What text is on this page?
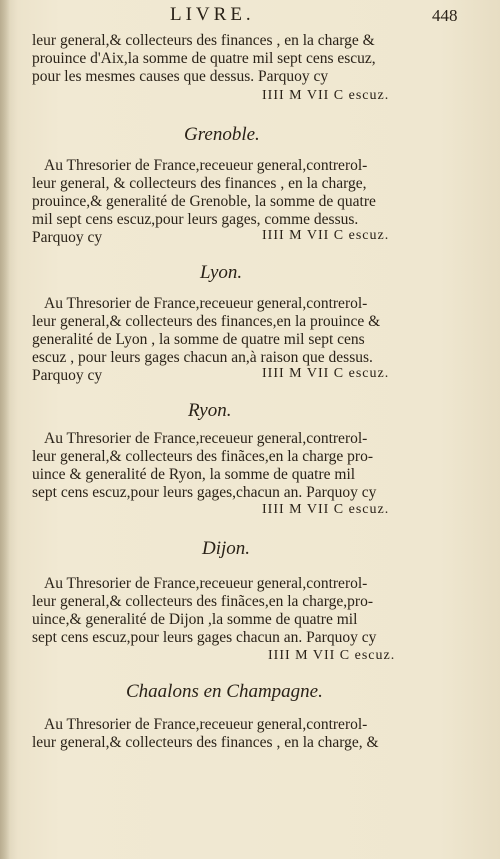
LIVRE.	448
leur general,& collecteurs des finances , en la charge &
prouince d'Aix,la somme de quatre mil sept cens escuz,
pour les mesmes causes que dessus. Parquoy cy
IIII M VII C escuz.
Grenoble.
Au Thresorier de France,receueur general,contrerol-
leur general, & collecteurs des finances , en la charge,
prouince,& generalité de Grenoble, la somme de quatre
mil sept cens escuz,pour leurs gages, comme dessus.
Parquoy cy	IIII M VII C escuz.
Lyon.
Au Thresorier de France,receueur general,contrerol-
leur general,& collecteurs des finances,en la prouince &
generalité de Lyon , la somme de quatre mil sept cens
escuz , pour leurs gages chacun an,à raison que dessus.
Parquoy cy	IIII M VII C escuz.
Ryon.
Au Thresorier de France,receueur general,contrerol-
leur general,& collecteurs des finãces,en la charge pro-
uince & generalité de Ryon, la somme de quatre mil
sept cens escuz,pour leurs gages,chacun an. Parquoy cy
IIII M VII C escuz.
Dijon.
Au Thresorier de France,receueur general,contrerol-
leur general,& collecteurs des finãces,en la charge,pro-
uince,& generalité de Dijon ,la somme de quatre mil
sept cens escuz,pour leurs gages chacun an. Parquoy cy
IIII M VII C escuz.
Chaalons en Champagne.
Au Thresorier de France,receueur general,contrerol-
leur general,& collecteurs des finances , en la charge, &
